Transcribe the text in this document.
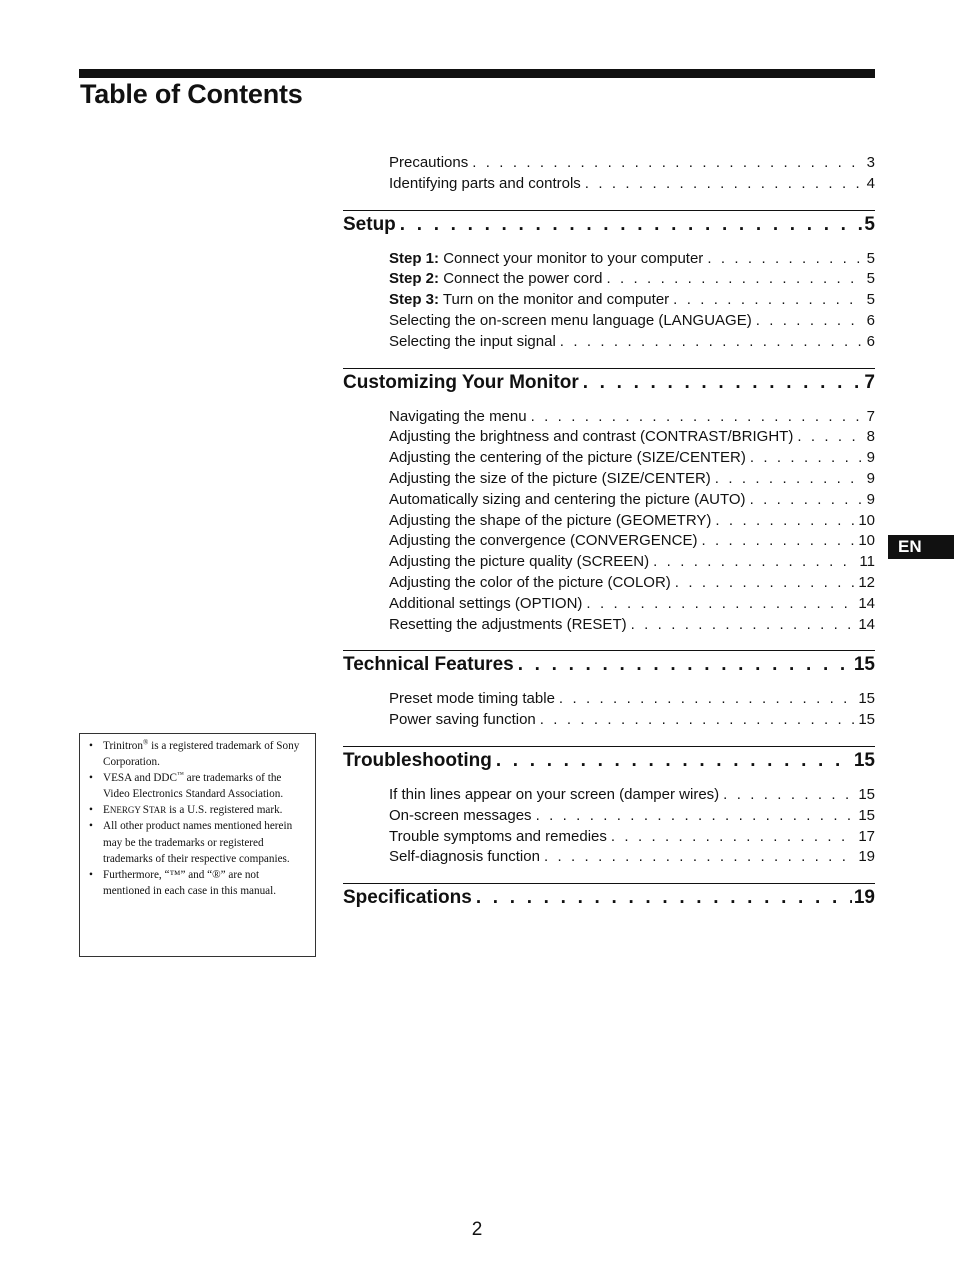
Table of Contents
Precautions . . .	3
Identifying parts and controls . . .	4
Setup . . .	5
Step 1: Connect your monitor to your computer . . .	5
Step 2: Connect the power cord . . .	5
Step 3: Turn on the monitor and computer . . .	5
Selecting the on-screen menu language (LANGUAGE) . . .	6
Selecting the input signal . . .	6
Customizing Your Monitor . . .	7
Navigating the menu . . .	7
Adjusting the brightness and contrast (CONTRAST/BRIGHT) . . .	8
Adjusting the centering of the picture (SIZE/CENTER) . . .	9
Adjusting the size of the picture (SIZE/CENTER) . . .	9
Automatically sizing and centering the picture (AUTO) . . .	9
Adjusting the shape of the picture (GEOMETRY) . . .	10
Adjusting the convergence (CONVERGENCE) . . .	10
Adjusting the picture quality (SCREEN) . . .	11
Adjusting the color of the picture (COLOR) . . .	12
Additional settings (OPTION) . . .	14
Resetting the adjustments (RESET) . . .	14
Technical Features . . .	15
Preset mode timing table . . .	15
Power saving function . . .	15
Troubleshooting . . .	15
If thin lines appear on your screen (damper wires) . . .	15
On-screen messages . . .	15
Trouble symptoms and remedies . . .	17
Self-diagnosis function . . .	19
Specifications . . .	19
EN
• Trinitron® is a registered trademark of Sony Corporation.
• VESA and DDC™ are trademarks of the Video Electronics Standard Association.
• ENERGY STAR is a U.S. registered mark.
• All other product names mentioned herein may be the trademarks or registered trademarks of their respective companies.
• Furthermore, “™” and “®” are not mentioned in each case in this manual.
2
